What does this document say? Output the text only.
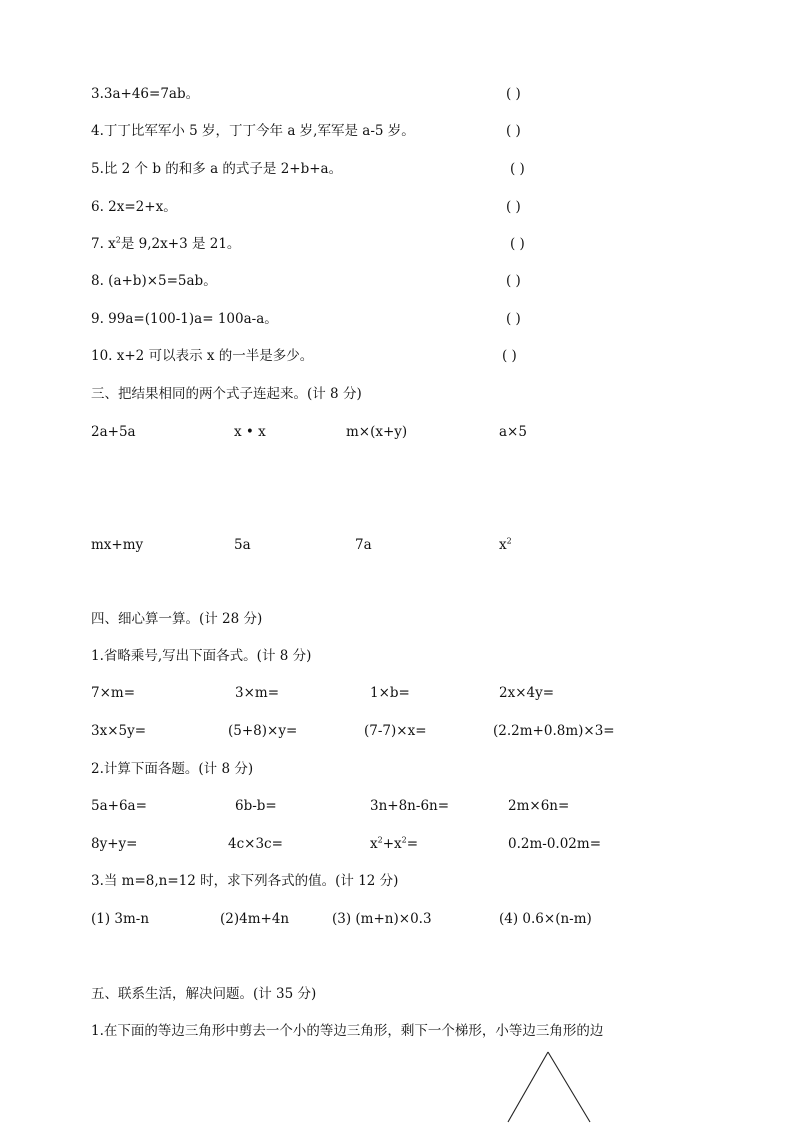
3.3a+46=7ab。	( )
4.丁丁比军军小 5 岁，丁丁今年 a 岁,军军是 a-5 岁。	( )
5.比 2 个 b 的和多 a 的式子是 2+b+a。	( )
6. 2x=2+x。	( )
7. $x^2$是 9,2x+3 是 21。	( )
8. (a+b)×5=5ab。	( )
9. 99a=(100-1)a= 100a-a。	( )
10. x+2 可以表示 x 的一半是多少。	( )
三、把结果相同的两个式子连起来。(计 8 分)
2a+5a	x • x	m×(x+y)	a×5
mx+my	5a	7a	$x^2$
四、细心算一算。(计 28 分)
1.省略乘号,写出下面各式。(计 8 分)
7×m=	3×m=	1×b=	2x×4y=
3x×5y=	(5+8)×y=	(7-7)×x=	(2.2m+0.8m)×3=
2.计算下面各题。(计 8 分)
5a+6a=	6b-b=	3n+8n-6n=	2m×6n=
8y+y=	4c×3c=	$x^2+x^2=$	0.2m-0.02m=
3.当 m=8,n=12 时，求下列各式的值。(计 12 分)
(1) 3m-n	(2)4m+4n	(3) (m+n)×0.3	(4) 0.6×(n-m)
五、联系生活，解决问题。(计 35 分)
1.在下面的等边三角形中剪去一个小的等边三角形，剩下一个梯形，小等边三角形的边
